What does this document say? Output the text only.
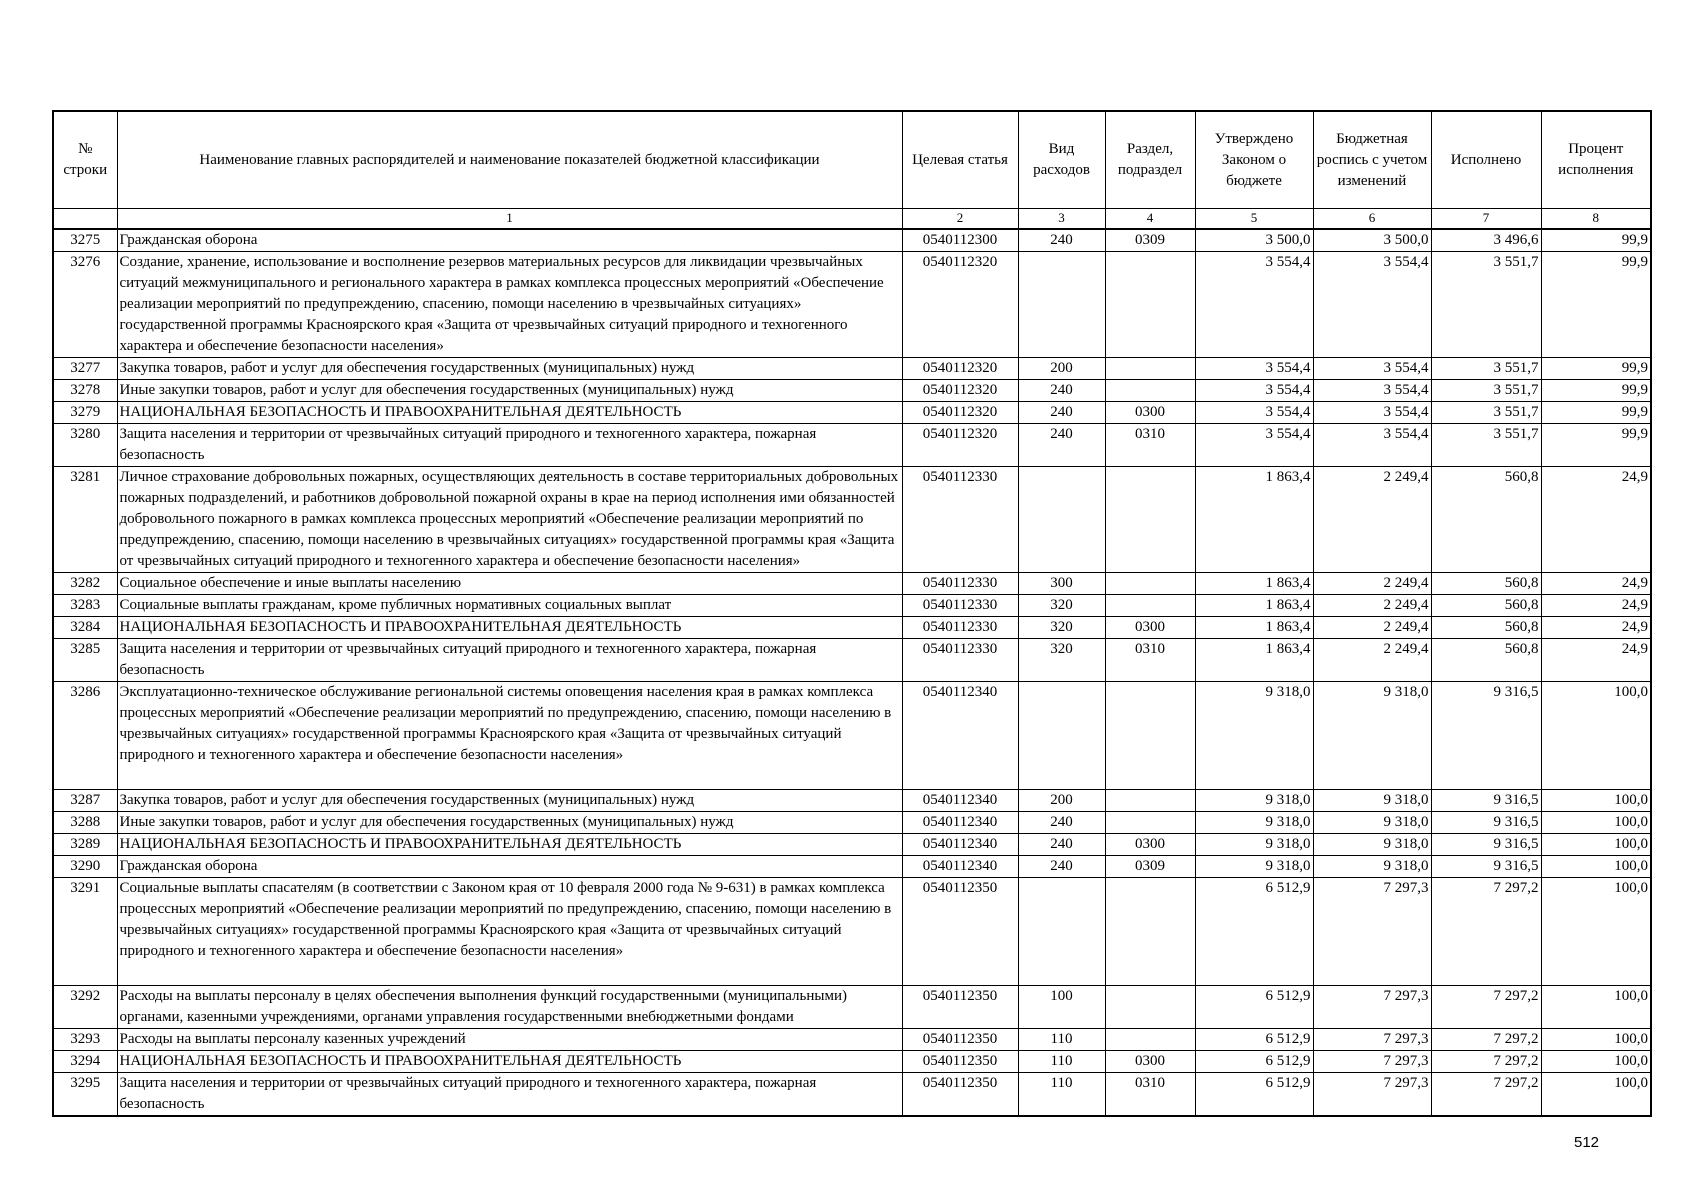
№ строки	Наименование главных распорядителей и наименование показателей бюджетной классификации	Целевая статья	Вид расходов	Раздел, подраздел	Утверждено Законом о бюджете	Бюджетная роспись с учетом изменений	Исполнено	Процент исполнения
	1	2	3	4	5	6	7	8
3275	Гражданская оборона	0540112300	240	0309	3 500,0	3 500,0	3 496,6	99,9
3276	Создание, хранение, использование и восполнение резервов материальных ресурсов для ликвидации чрезвычайных ситуаций межмуниципального и регионального характера в рамках комплекса процессных мероприятий «Обеспечение реализации мероприятий по предупреждению, спасению, помощи населению в чрезвычайных ситуациях» государственной программы Красноярского края «Защита от чрезвычайных ситуаций природного и техногенного характера и обеспечение безопасности населения»	0540112320			3 554,4	3 554,4	3 551,7	99,9
3277	Закупка товаров, работ и услуг для обеспечения государственных (муниципальных) нужд	0540112320	200		3 554,4	3 554,4	3 551,7	99,9
3278	Иные закупки товаров, работ и услуг для обеспечения государственных (муниципальных) нужд	0540112320	240		3 554,4	3 554,4	3 551,7	99,9
3279	НАЦИОНАЛЬНАЯ БЕЗОПАСНОСТЬ И ПРАВООХРАНИТЕЛЬНАЯ ДЕЯТЕЛЬНОСТЬ	0540112320	240	0300	3 554,4	3 554,4	3 551,7	99,9
3280	Защита населения и территории от чрезвычайных ситуаций природного и техногенного характера, пожарная безопасность	0540112320	240	0310	3 554,4	3 554,4	3 551,7	99,9
3281	Личное страхование добровольных пожарных, осуществляющих деятельность в составе территориальных добровольных пожарных подразделений, и работников добровольной пожарной охраны в крае на период исполнения ими обязанностей добровольного пожарного в рамках комплекса процессных мероприятий «Обеспечение реализации мероприятий по предупреждению, спасению, помощи населению в чрезвычайных ситуациях» государственной программы края «Защита от чрезвычайных ситуаций природного и техногенного характера и обеспечение безопасности населения»	0540112330			1 863,4	2 249,4	560,8	24,9
3282	Социальное обеспечение и иные выплаты населению	0540112330	300		1 863,4	2 249,4	560,8	24,9
3283	Социальные выплаты гражданам, кроме публичных нормативных социальных выплат	0540112330	320		1 863,4	2 249,4	560,8	24,9
3284	НАЦИОНАЛЬНАЯ БЕЗОПАСНОСТЬ И ПРАВООХРАНИТЕЛЬНАЯ ДЕЯТЕЛЬНОСТЬ	0540112330	320	0300	1 863,4	2 249,4	560,8	24,9
3285	Защита населения и территории от чрезвычайных ситуаций природного и техногенного характера, пожарная безопасность	0540112330	320	0310	1 863,4	2 249,4	560,8	24,9
3286	Эксплуатационно-техническое обслуживание региональной системы оповещения населения края в рамках комплекса процессных мероприятий «Обеспечение реализации мероприятий по предупреждению, спасению, помощи населению в чрезвычайных ситуациях» государственной программы Красноярского края «Защита от чрезвычайных ситуаций природного и техногенного характера и обеспечение безопасности населения»	0540112340			9 318,0	9 318,0	9 316,5	100,0
3287	Закупка товаров, работ и услуг для обеспечения государственных (муниципальных) нужд	0540112340	200		9 318,0	9 318,0	9 316,5	100,0
3288	Иные закупки товаров, работ и услуг для обеспечения государственных (муниципальных) нужд	0540112340	240		9 318,0	9 318,0	9 316,5	100,0
3289	НАЦИОНАЛЬНАЯ БЕЗОПАСНОСТЬ И ПРАВООХРАНИТЕЛЬНАЯ ДЕЯТЕЛЬНОСТЬ	0540112340	240	0300	9 318,0	9 318,0	9 316,5	100,0
3290	Гражданская оборона	0540112340	240	0309	9 318,0	9 318,0	9 316,5	100,0
3291	Социальные выплаты спасателям (в соответствии с Законом края от 10 февраля 2000 года № 9-631) в рамках комплекса процессных мероприятий «Обеспечение реализации мероприятий по предупреждению, спасению, помощи населению в чрезвычайных ситуациях» государственной программы Красноярского края «Защита от чрезвычайных ситуаций природного и техногенного характера и обеспечение безопасности населения»	0540112350			6 512,9	7 297,3	7 297,2	100,0
3292	Расходы на выплаты персоналу в целях обеспечения выполнения функций государственными (муниципальными) органами, казенными учреждениями, органами управления государственными внебюджетными фондами	0540112350	100		6 512,9	7 297,3	7 297,2	100,0
3293	Расходы на выплаты персоналу казенных учреждений	0540112350	110		6 512,9	7 297,3	7 297,2	100,0
3294	НАЦИОНАЛЬНАЯ БЕЗОПАСНОСТЬ И ПРАВООХРАНИТЕЛЬНАЯ ДЕЯТЕЛЬНОСТЬ	0540112350	110	0300	6 512,9	7 297,3	7 297,2	100,0
3295	Защита населения и территории от чрезвычайных ситуаций природного и техногенного характера, пожарная безопасность	0540112350	110	0310	6 512,9	7 297,3	7 297,2	100,0
512
